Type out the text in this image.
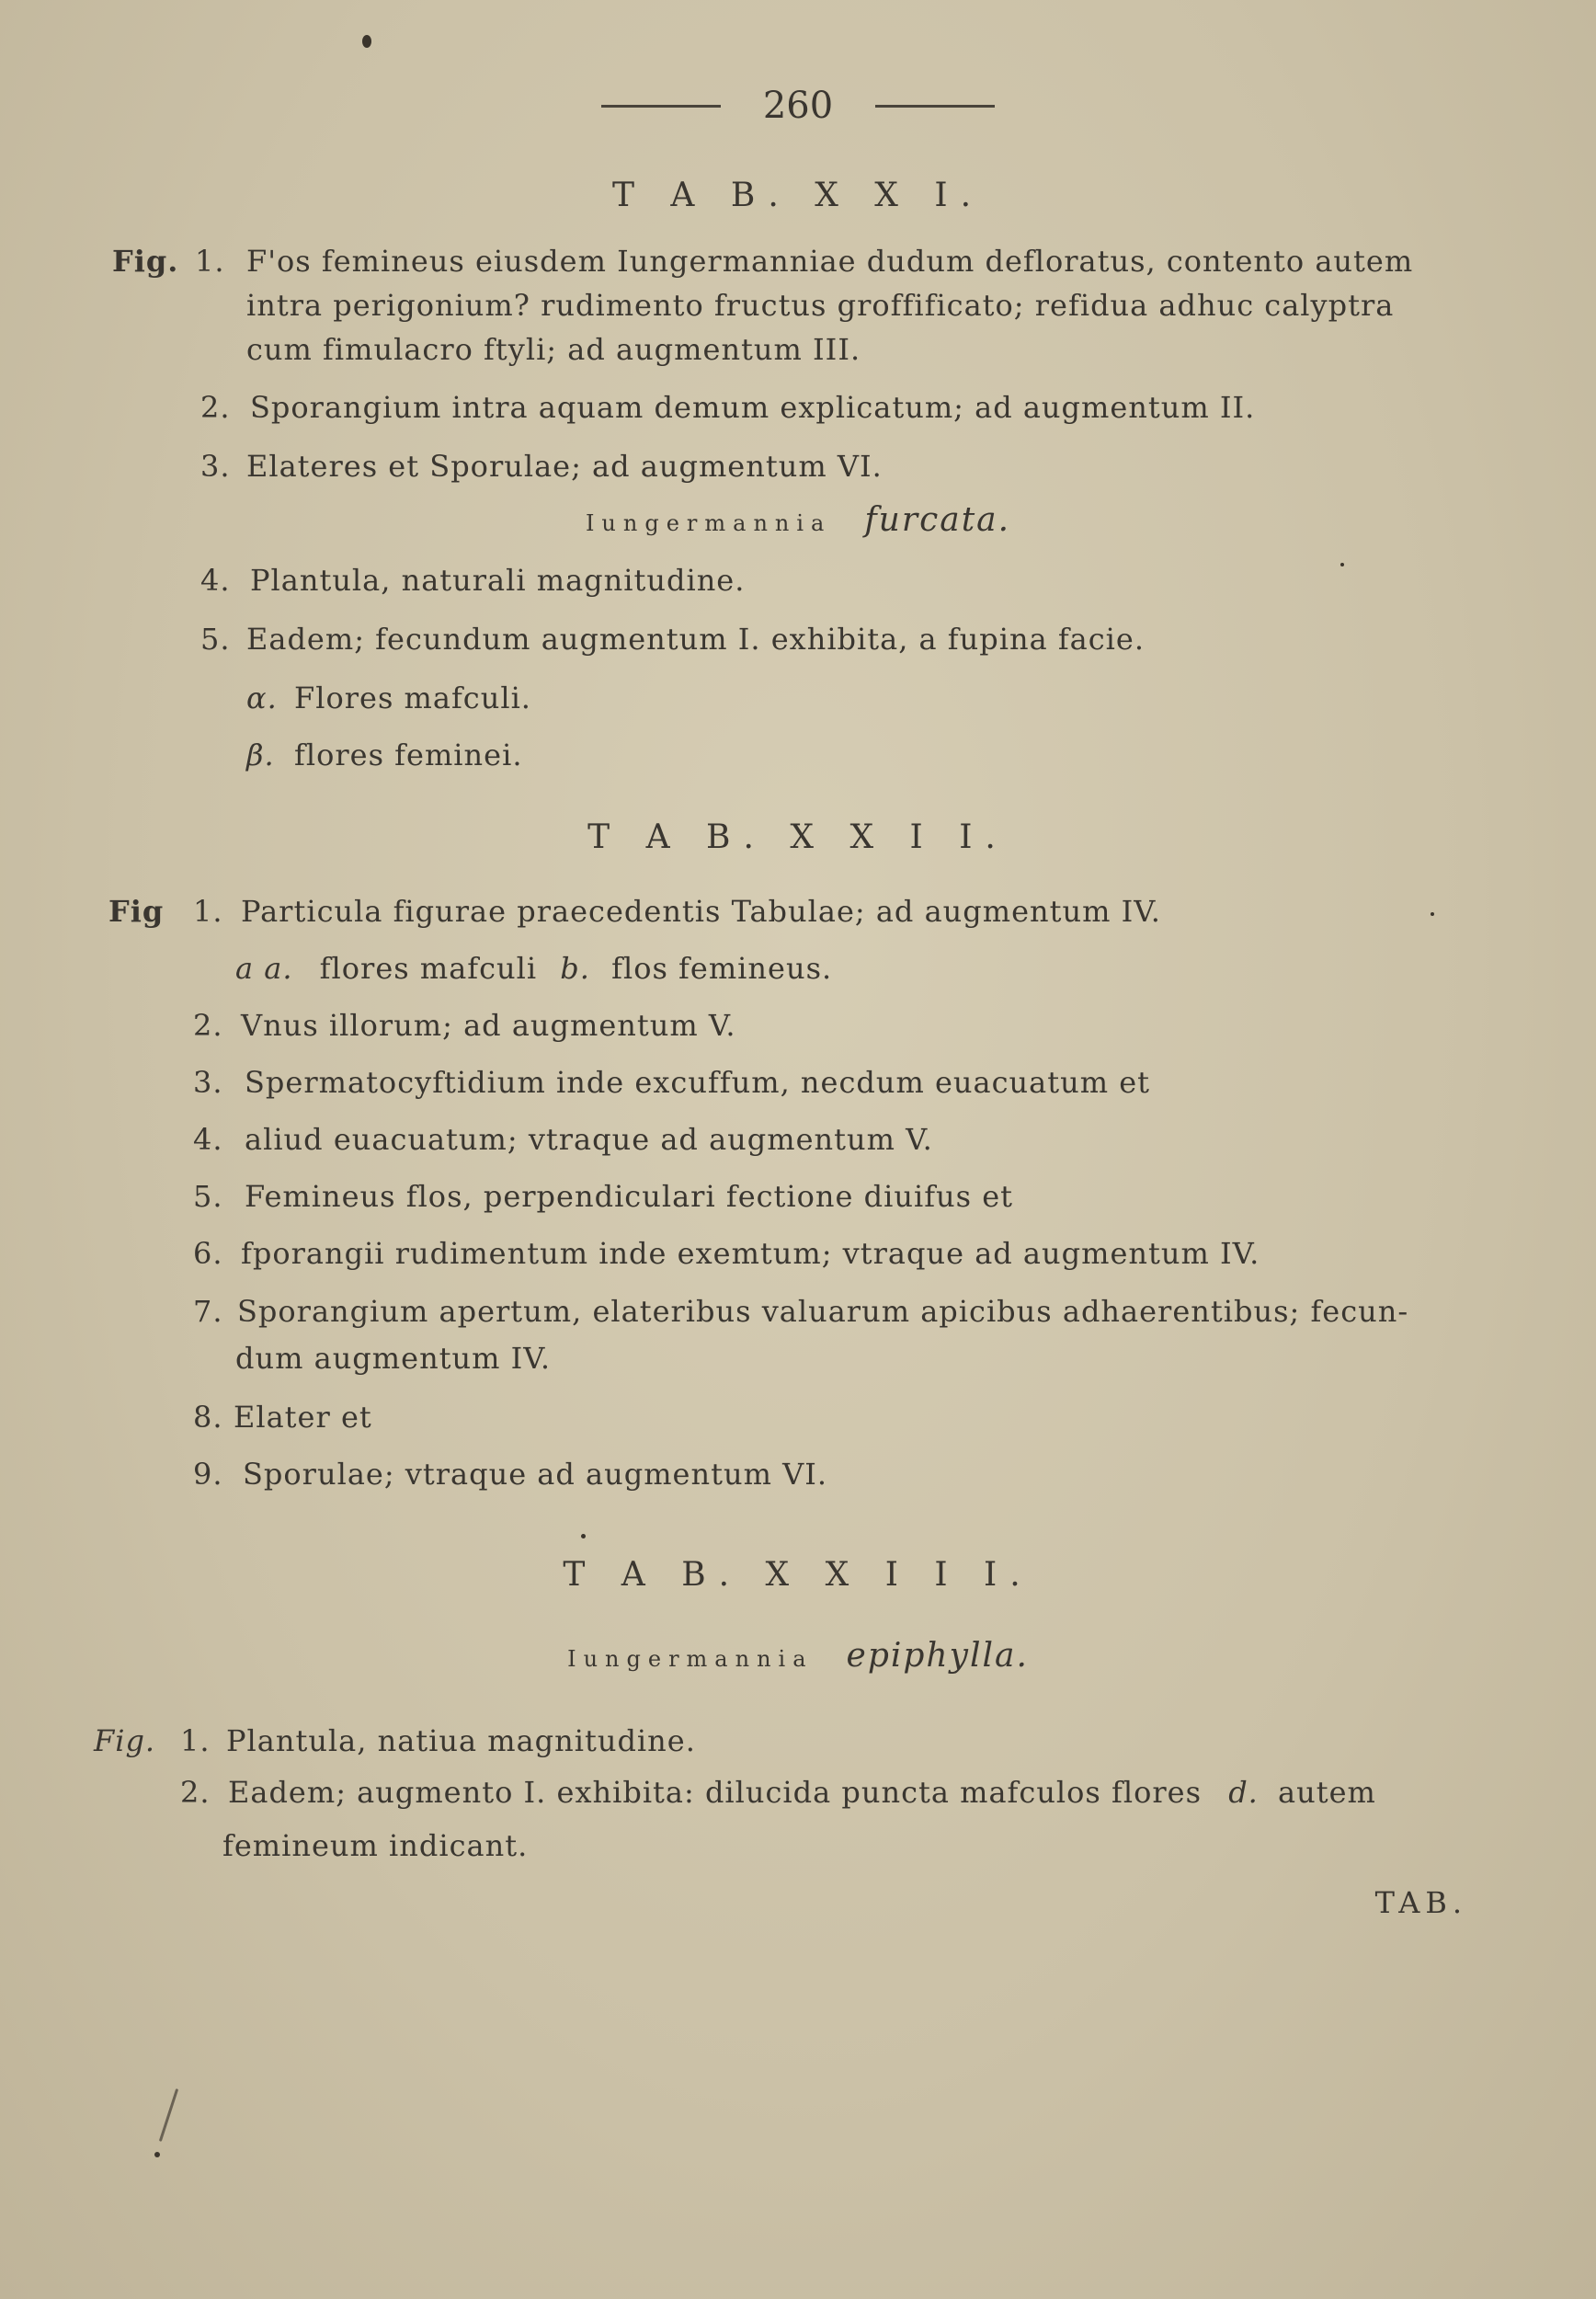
260
T A B. X X I.
Fig. 1. F'os femineus eiusdem Iungermanniae dudum defloratus, contento autem
intra perigonium? rudimento fructus groffificato; refidua adhuc calyptra
cum fimulacro ftyli; ad augmentum III.
2. Sporangium intra aquam demum explicatum; ad augmentum II.
3. Elateres et Sporulae; ad augmentum VI.
Iungermannia furcata.
4. Plantula, naturali magnitudine.
5. Eadem; fecundum augmentum I. exhibita, a fupina facie.
α. Flores mafculi.
β. flores feminei.
T A B. X X I I.
Fig 1. Particula figurae praecedentis Tabulae; ad augmentum IV.
a a. flores mafculi b. flos femineus.
2. Vnus illorum; ad augmentum V.
3. Spermatocyftidium inde excuffum, necdum euacuatum et
4. aliud euacuatum; vtraque ad augmentum V.
5. Femineus flos, perpendiculari fectione diuifus et
6. fporangii rudimentum inde exemtum; vtraque ad augmentum IV.
7. Sporangium apertum, elateribus valuarum apicibus adhaerentibus; fecun-
dum augmentum IV.
8. Elater et
9. Sporulae; vtraque ad augmentum VI.
T A B. X X I I I.
Iungermannia epiphylla.
Fig. 1. Plantula, natiua magnitudine.
2. Eadem; augmento I. exhibita: dilucida puncta mafculos flores d. autem
femineum indicant.
TAB.
